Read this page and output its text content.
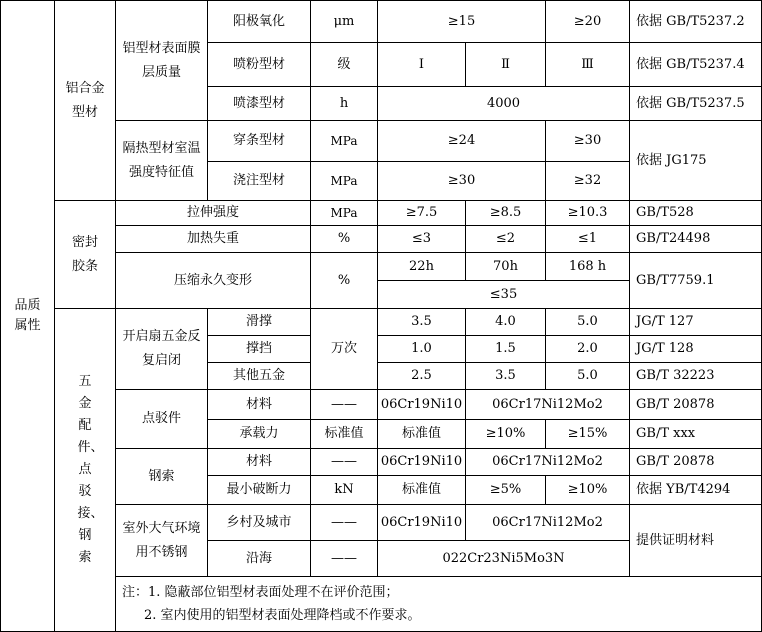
品质属性	铝合金型材	铝型材表面膜层质量	阳极氧化	μm	≥15		≥20	依据 GB/T5237.2
			喷粉型材	级	Ⅰ	Ⅱ	Ⅲ	依据 GB/T5237.4
			喷漆型材	h	4000			依据 GB/T5237.5
		隔热型材室温强度特征值	穿条型材	MPa	≥24		≥30	依据 JG175
			浇注型材	MPa	≥30		≥32	
	密封胶条	拉伸强度		MPa	≥7.5	≥8.5	≥10.3	GB/T528
		加热失重		%	≤3	≤2	≤1	GB/T24498
		压缩永久变形		%	22h	70h	168 h	GB/T7759.1
					≤35			
	五金配件、点驳接、钢索	开启扇五金反复启闭	滑撑	万次	3.5	4.0	5.0	JG/T 127
			撑挡		1.0	1.5	2.0	JG/T 128
			其他五金		2.5	3.5	5.0	GB/T 32223
		点驳件	材料	——	06Cr19Ni10	06Cr17Ni12Mo2		GB/T 20878
			承载力	标准值	标准值	≥10%	≥15%	GB/T xxx
		钢索	材料	——	06Cr19Ni10	06Cr17Ni12Mo2		GB/T 20878
			最小破断力	kN	标准值	≥5%	≥10%	依据 YB/T4294
		室外大气环境用不锈钢	乡村及城市	——	06Cr19Ni10	06Cr17Ni12Mo2		提供证明材料
			沿海	——	022Cr23Ni5Mo3N			

		注：1. 隐蔽部位铝型材表面处理不在评价范围；
2. 室内使用的铝型材表面处理降档或不作要求。						
